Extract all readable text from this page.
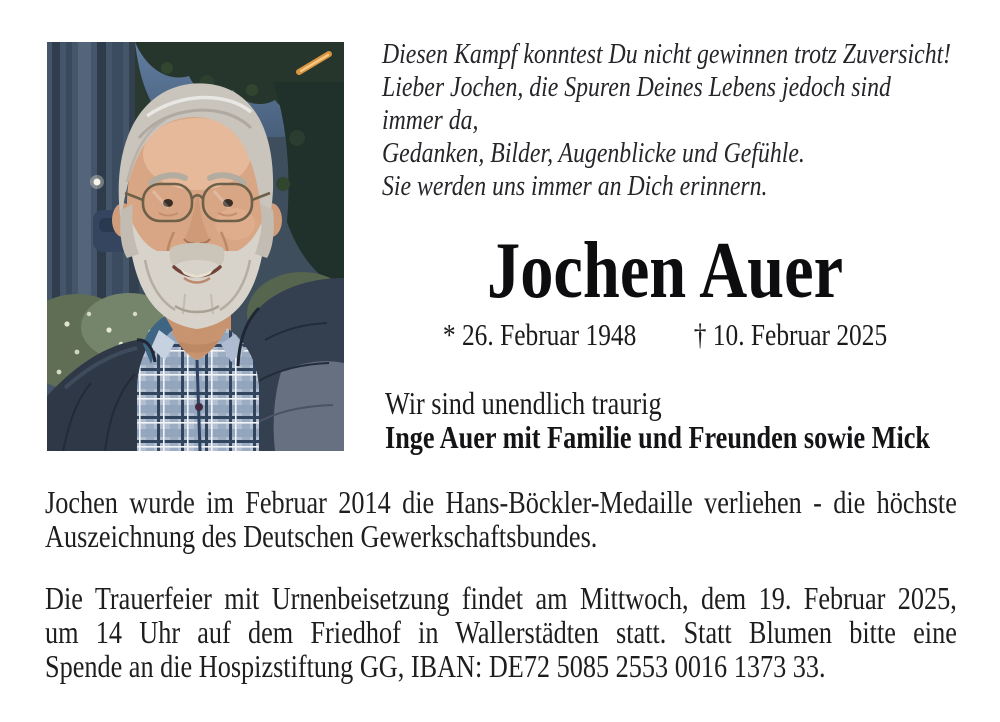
Diesen Kampf konntest Du nicht gewinnen trotz Zuversicht!
Lieber Jochen, die Spuren Deines Lebens jedoch sind
immer da,
Gedanken, Bilder, Augenblicke und Gefühle.
Sie werden uns immer an Dich erinnern.
Jochen Auer
* 26. Februar 1948 † 10. Februar 2025
Wir sind unendlich traurig
Inge Auer mit Familie und Freunden sowie Mick
Jochen wurde im Februar 2014 die Hans-Böckler-Medaille verliehen - die höchste
Auszeichnung des Deutschen Gewerkschaftsbundes.
Die Trauerfeier mit Urnenbeisetzung findet am Mittwoch, dem 19. Februar 2025,
um 14 Uhr auf dem Friedhof in Wallerstädten statt. Statt Blumen bitte eine
Spende an die Hospizstiftung GG, IBAN: DE72 5085 2553 0016 1373 33.
